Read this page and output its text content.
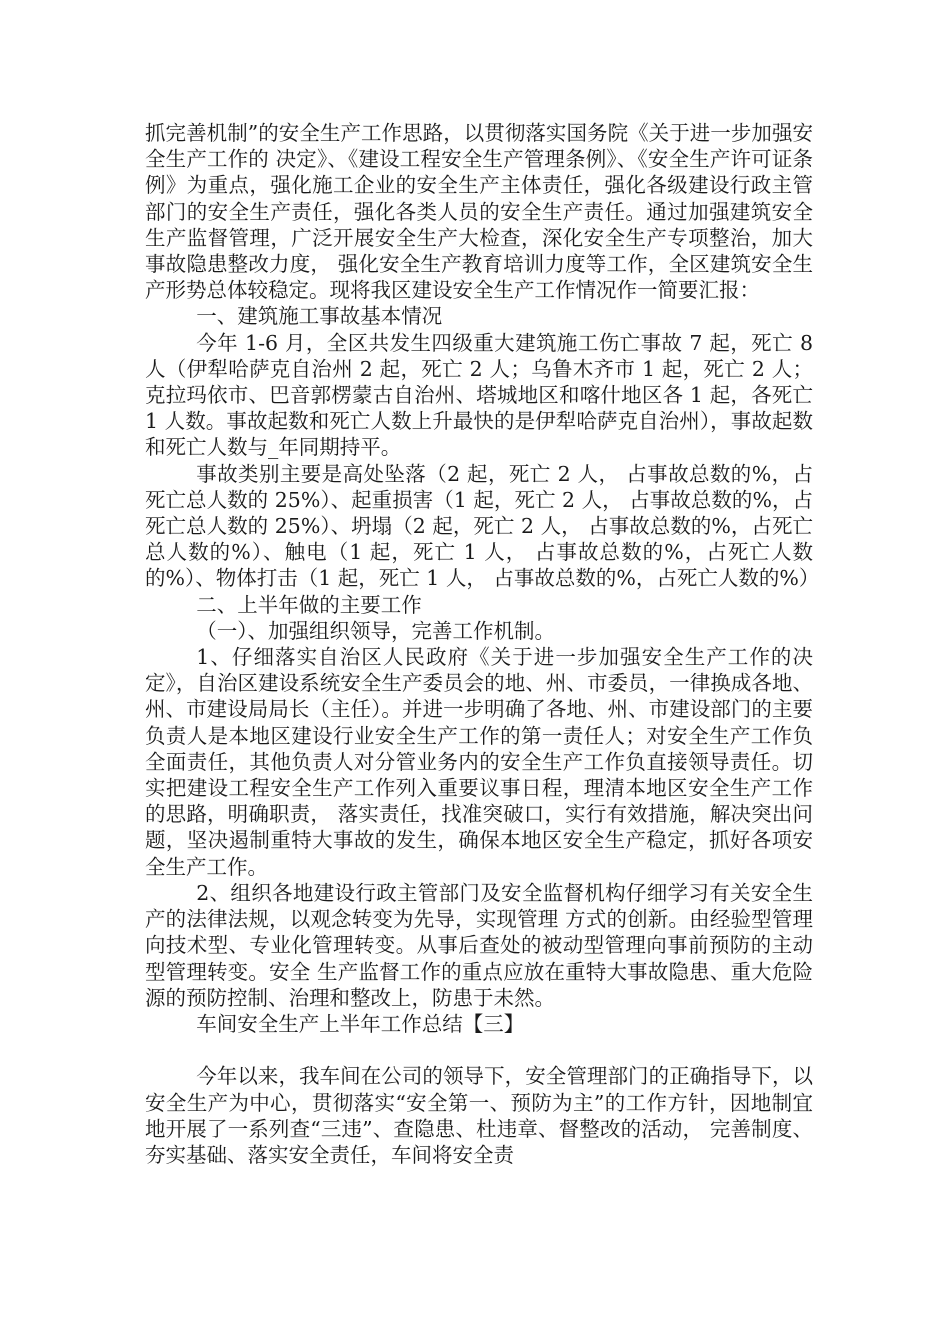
抓完善机制”的安全生产工作思路，以贯彻落实国务院《关于进一步加强安全生产工作的 决定》、《建设工程安全生产管理条例》、《安全生产许可证条例》为重点，强化施工企业的安全生产主体责任，强化各级建设行政主管部门的安全生产责任，强化各类人员的安全生产责任。通过加强建筑安全生产监督管理，广泛开展安全生产大检查，深化安全生产专项整治，加大事故隐患整改力度， 强化安全生产教育培训力度等工作，全区建筑安全生产形势总体较稳定。现将我区建设安全生产工作情况作一简要汇报：

一、建筑施工事故基本情况

今年 1-6 月，全区共发生四级重大建筑施工伤亡事故 7 起，死亡 8 人（伊犁哈萨克自治州 2 起，死亡 2 人；乌鲁木齐市 1 起，死亡 2 人；克拉玛依市、巴音郭楞蒙古自治州、塔城地区和喀什地区各 1 起，各死亡 1 人数。事故起数和死亡人数上升最快的是伊犁哈萨克自治州），事故起数和死亡人数与_年同期持平。

事故类别主要是高处坠落（2 起，死亡 2 人， 占事故总数的%，占死亡总人数的 25%）、起重损害（1 起，死亡 2 人， 占事故总数的%，占死亡总人数的 25%）、坍塌（2 起，死亡 2 人， 占事故总数的%，占死亡总人数的%）、触电（1 起，死亡 1 人， 占事故总数的%，占死亡人数的%）、物体打击（1 起，死亡 1 人， 占事故总数的%，占死亡人数的%）

二、上半年做的主要工作

（一）、加强组织领导，完善工作机制。

1、仔细落实自治区人民政府《关于进一步加强安全生产工作的决定》，自治区建设系统安全生产委员会的地、州、市委员，一律换成各地、州、市建设局局长（主任）。并进一步明确了各地、州、市建设部门的主要负责人是本地区建设行业安全生产工作的第一责任人；对安全生产工作负全面责任，其他负责人对分管业务内的安全生产工作负直接领导责任。切实把建设工程安全生产工作列入重要议事日程，理清本地区安全生产工作的思路，明确职责， 落实责任，找准突破口，实行有效措施，解决突出问题，坚决遏制重特大事故的发生，确保本地区安全生产稳定，抓好各项安全生产工作。

2、组织各地建设行政主管部门及安全监督机构仔细学习有关安全生产的法律法规，以观念转变为先导，实现管理 方式的创新。由经验型管理向技术型、专业化管理转变。从事后查处的被动型管理向事前预防的主动型管理转变。安全 生产监督工作的重点应放在重特大事故隐患、重大危险源的预防控制、治理和整改上，防患于未然。

车间安全生产上半年工作总结【三】

今年以来，我车间在公司的领导下，安全管理部门的正确指导下，以安全生产为中心，贯彻落实“安全第一、预防为主”的工作方针，因地制宜地开展了一系列查“三违”、查隐患、杜违章、督整改的活动， 完善制度、夯实基础、落实安全责任，车间将安全责
